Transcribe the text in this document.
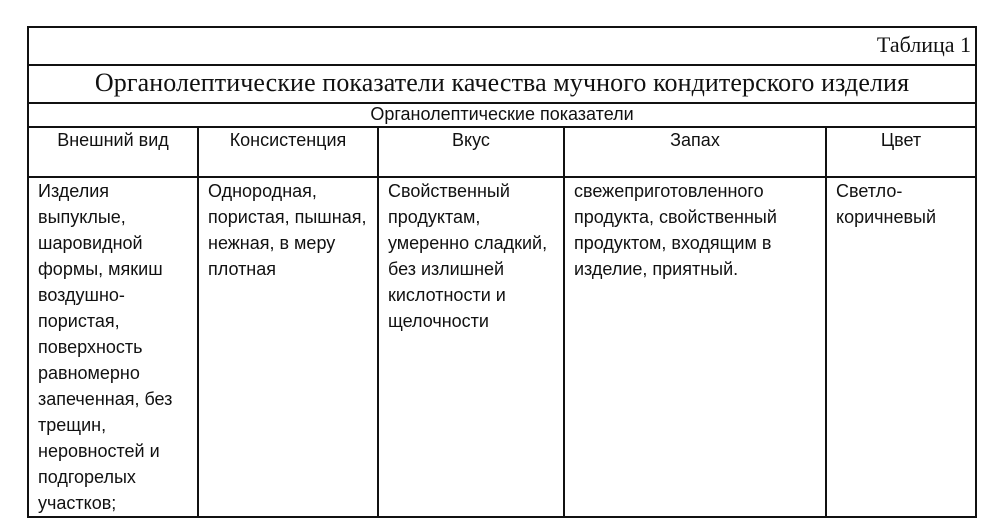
Таблица 1				
Органолептические показатели качества мучного кондитерского изделия				
Органолептические показатели				
Внешний вид	Консистенция	Вкус	Запах	Цвет
Изделия выпуклые, шаровидной формы, мякиш воздушно-пористая, поверхность равномерно запеченная, без трещин, неровностей и подгорелых участков;	Однородная, пористая, пышная, нежная, в меру плотная	Свойственный продуктам, умеренно сладкий, без излишней кислотности и щелочности	свежеприготовленного продукта, свойственный продуктом, входящим в изделие, приятный.	Светло-коричневый
